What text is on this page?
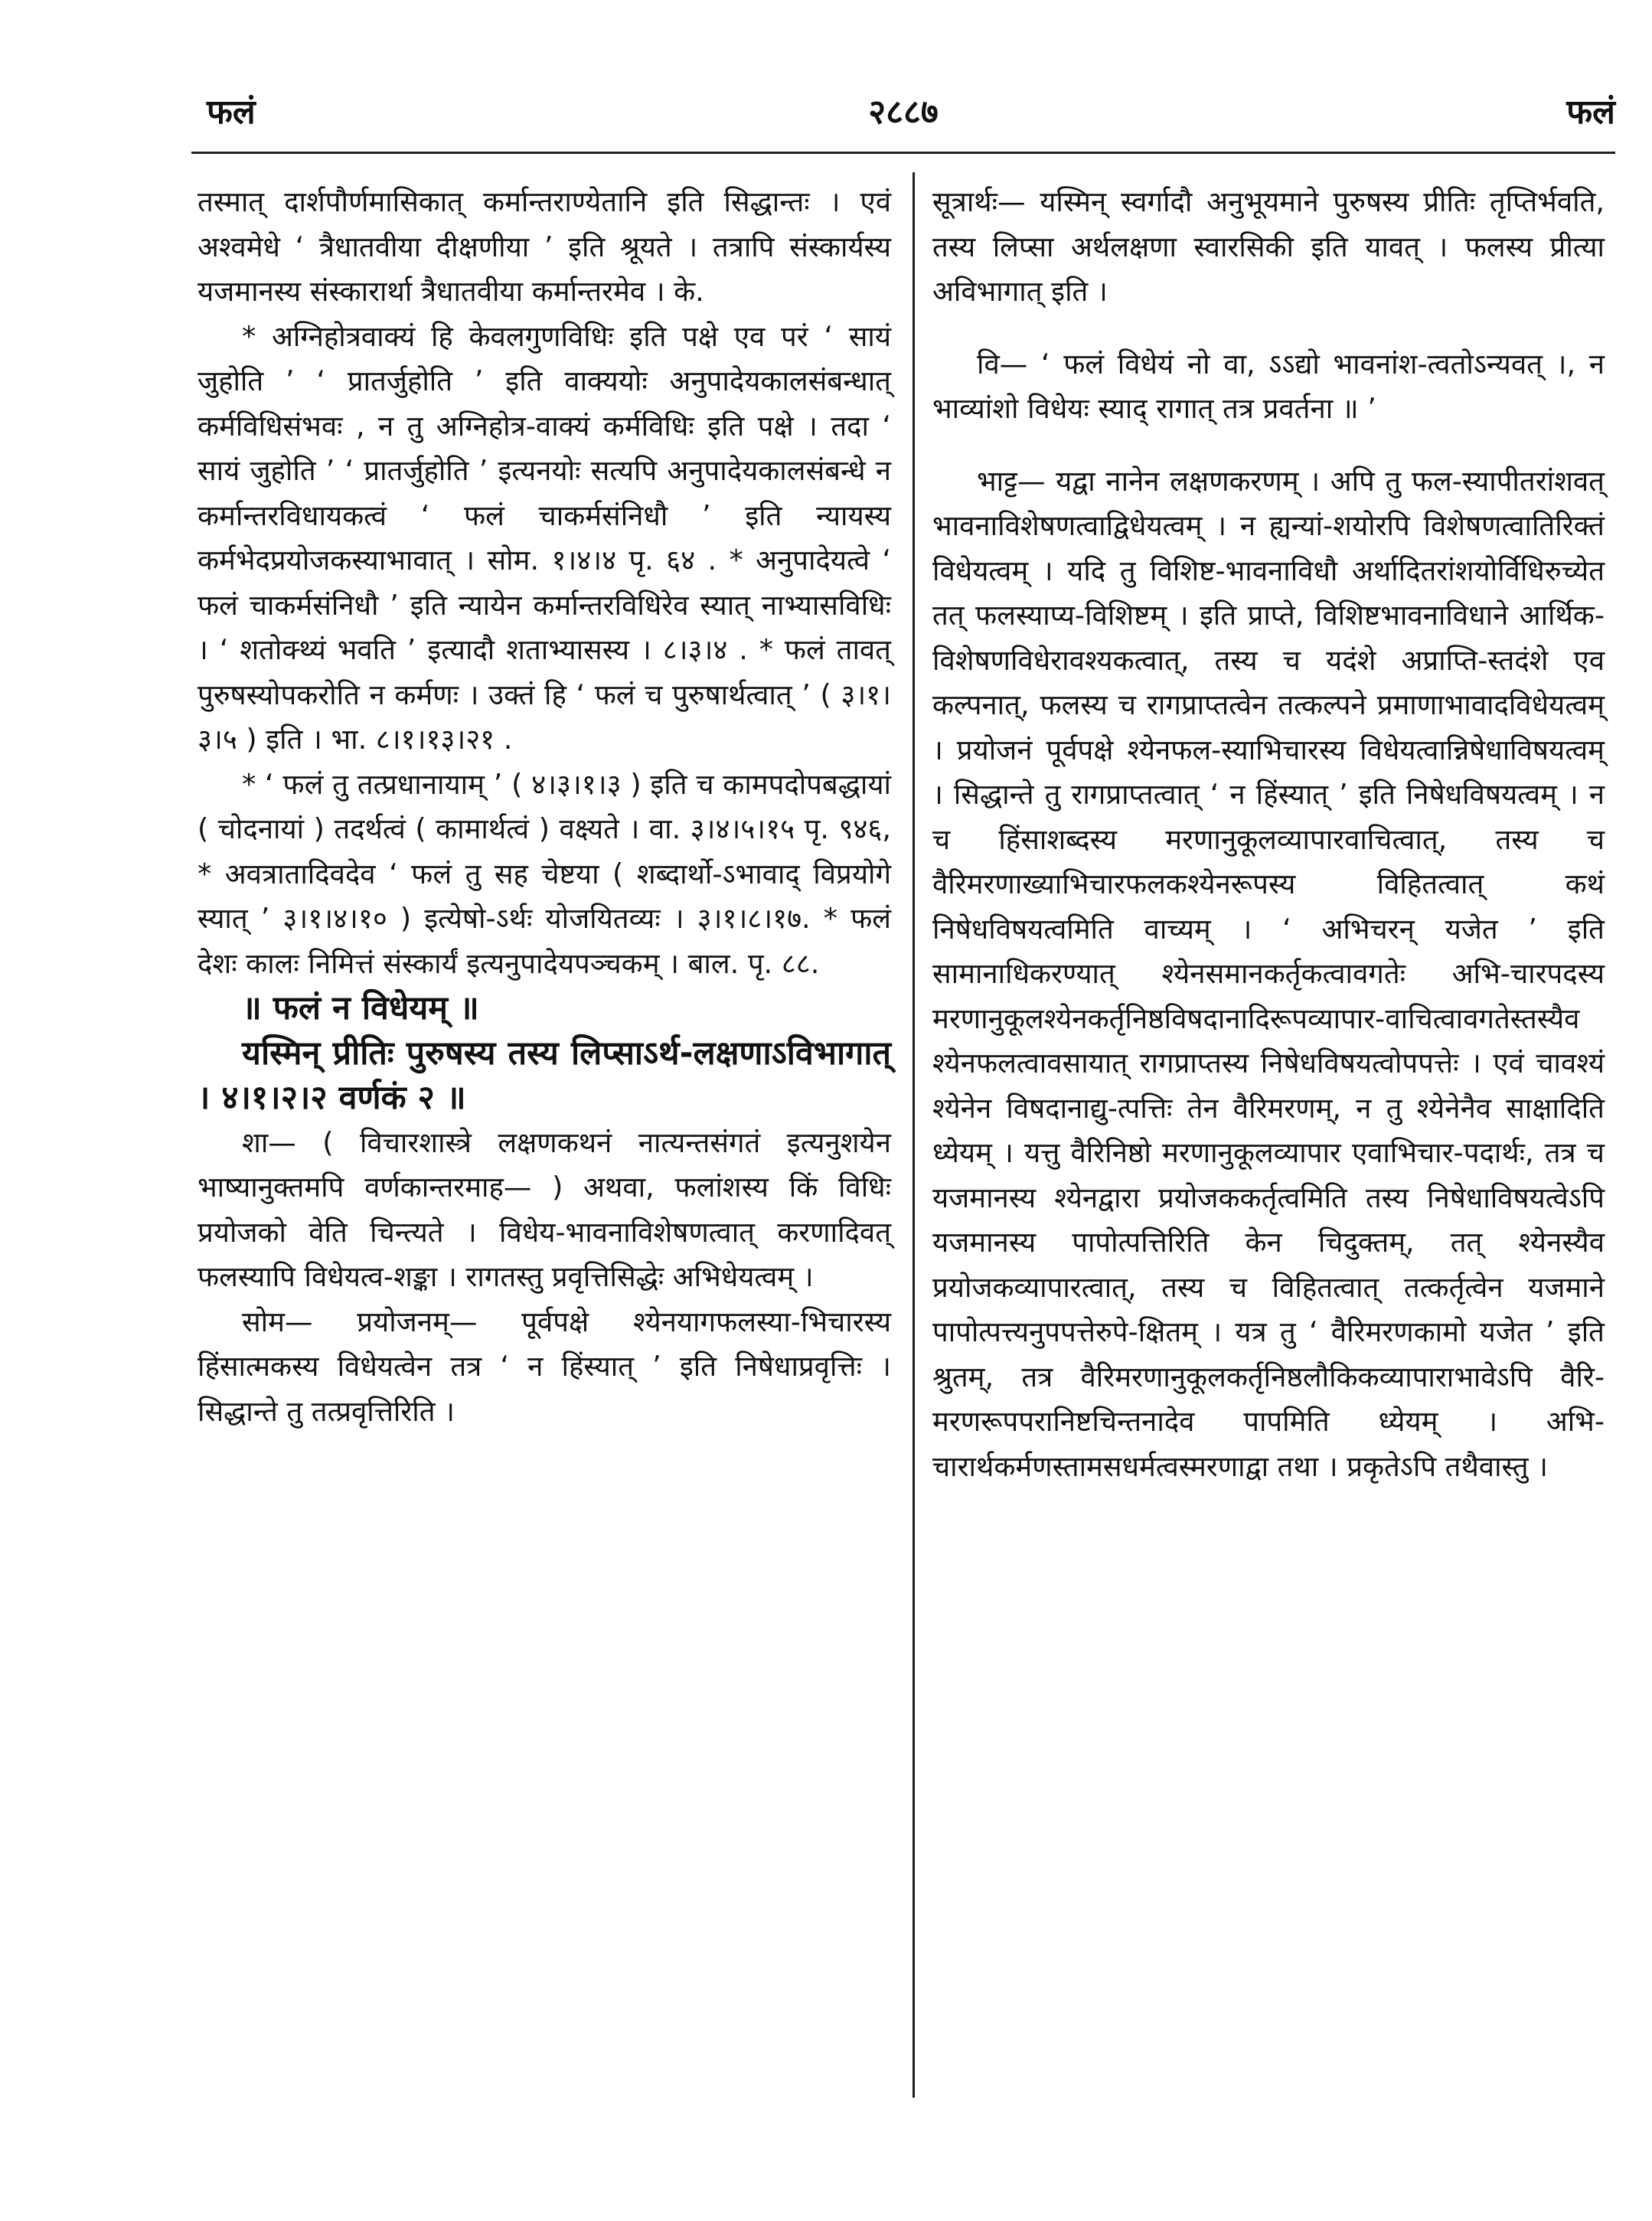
फलं	२८८७	फलं

तस्मात् दार्शपौर्णमासिकात् कर्मान्तराण्येतानि इति सिद्धान्तः । एवं अश्वमेधे ‘ त्रैधातवीया दीक्षणीया ’ इति श्रूयते । तत्रापि संस्कार्यस्य यजमानस्य संस्कारार्था त्रैधातवीया कर्मान्तरमेव । के.

* अग्निहोत्रवाक्यं हि केवलगुणविधिः इति पक्षे एव परं ‘ सायं जुहोति ’ ‘ प्रातर्जुहोति ’ इति वाक्ययोः अनुपादेयकालसंबन्धात् कर्मविधिसंभवः , न तु अग्निहोत्र-वाक्यं कर्मविधिः इति पक्षे । तदा ‘ सायं जुहोति ’ ‘ प्रातर्जुहोति ’ इत्यनयोः सत्यपि अनुपादेयकालसंबन्धे न कर्मान्तरविधायकत्वं ‘ फलं चाकर्मसंनिधौ ’ इति न्यायस्य कर्मभेदप्रयोजकस्याभावात् । सोम. १।४।४ पृ. ६४ . * अनुपादेयत्वे ‘ फलं चाकर्मसंनिधौ ’ इति न्यायेन कर्मान्तरविधिरेव स्यात् नाभ्यासविधिः । ‘ शतोक्थ्यं भवति ’ इत्यादौ शताभ्यासस्य । ८।३।४ . * फलं तावत् पुरुषस्योपकरोति न कर्मणः । उक्तं हि ‘ फलं च पुरुषार्थत्वात् ’ ( ३।१।३।५ ) इति । भा. ८।१।१३।२१ .

* ‘ फलं तु तत्प्रधानायाम् ’ ( ४।३।१।३ ) इति च कामपदोपबद्धायां ( चोदनायां ) तदर्थत्वं ( कामार्थत्वं ) वक्ष्यते । वा. ३।४।५।१५ पृ. ९४६, * अवत्रातादिवदेव ‘ फलं तु सह चेष्टया ( शब्दार्थो-ऽभावाद् विप्रयोगे स्यात् ’ ३।१।४।१० ) इत्येषो-ऽर्थः योजयितव्यः । ३।१।८।१७. * फलं देशः कालः निमित्तं संस्कार्यं इत्यनुपादेयपञ्चकम् । बाल. पृ. ८८.

॥ फलं न विधेयम् ॥

यस्मिन् प्रीतिः पुरुषस्य तस्य लिप्साऽर्थ-लक्षणाऽविभागात् । ४।१।२।२ वर्णकं २ ॥

शा— ( विचारशास्त्रे लक्षणकथनं नात्यन्तसंगतं इत्यनुशयेन भाष्यानुक्तमपि वर्णकान्तरमाह— ) अथवा, फलांशस्य किं विधिः प्रयोजको वेति चिन्त्यते । विधेय-भावनाविशेषणत्वात् करणादिवत् फलस्यापि विधेयत्व-शङ्का । रागतस्तु प्रवृत्तिसिद्धेः अभिधेयत्वम् ।

सोम— प्रयोजनम्— पूर्वपक्षे श्येनयागफलस्या-भिचारस्य हिंसात्मकस्य विधेयत्वेन तत्र ‘ न हिंस्यात् ’ इति निषेधाप्रवृत्तिः । सिद्धान्ते तु तत्प्रवृत्तिरिति ।

सूत्रार्थः— यस्मिन् स्वर्गादौ अनुभूयमाने पुरुषस्य प्रीतिः तृप्तिर्भवति, तस्य लिप्सा अर्थलक्षणा स्वारसिकी इति यावत् । फलस्य प्रीत्या अविभागात् इति ।

वि— ‘ फलं विधेयं नो वा, ऽऽद्यो भावनांश-त्वतोऽन्यवत् ।, न भाव्यांशो विधेयः स्याद् रागात् तत्र प्रवर्तना ॥ ’

भाट्ट— यद्वा नानेन लक्षणकरणम् । अपि तु फल-स्यापीतरांशवत् भावनाविशेषणत्वाद्विधेयत्वम् । न ह्यन्यां-शयोरपि विशेषणत्वातिरिक्तं विधेयत्वम् । यदि तु विशिष्ट-भावनाविधौ अर्थादितरांशयोर्विधिरुच्येत तत् फलस्याप्य-विशिष्टम् । इति प्राप्ते, विशिष्टभावनाविधाने आर्थिक-विशेषणविधेरावश्यकत्वात्, तस्य च यदंशे अप्राप्ति-स्तदंशे एव कल्पनात्, फलस्य च रागप्राप्तत्वेन तत्कल्पने प्रमाणाभावादविधेयत्वम् । प्रयोजनं पूर्वपक्षे श्येनफल-स्याभिचारस्य विधेयत्वान्निषेधाविषयत्वम् । सिद्धान्ते तु रागप्राप्तत्वात् ‘ न हिंस्यात् ’ इति निषेधविषयत्वम् । न च हिंसाशब्दस्य मरणानुकूलव्यापारवाचित्वात्, तस्य च वैरिमरणाख्याभिचारफलकश्येनरूपस्य विहितत्वात् कथं निषेधविषयत्वमिति वाच्यम् । ‘ अभिचरन् यजेत ’ इति सामानाधिकरण्यात् श्येनसमानकर्तृकत्वावगतेः अभि-चारपदस्य मरणानुकूलश्येनकर्तृनिष्ठविषदानादिरूपव्यापार-वाचित्वावगतेस्तस्यैव श्येनफलत्वावसायात् रागप्राप्तस्य निषेधविषयत्वोपपत्तेः । एवं चावश्यं श्येनेन विषदानाद्यु-त्पत्तिः तेन वैरिमरणम्, न तु श्येनेनैव साक्षादिति ध्येयम् । यत्तु वैरिनिष्ठो मरणानुकूलव्यापार एवाभिचार-पदार्थः, तत्र च यजमानस्य श्येनद्वारा प्रयोजककर्तृत्वमिति तस्य निषेधाविषयत्वेऽपि यजमानस्य पापोत्पत्तिरिति केन चिदुक्तम्, तत् श्येनस्यैव प्रयोजकव्यापारत्वात्, तस्य च विहितत्वात् तत्कर्तृत्वेन यजमाने पापोत्पत्त्यनुपपत्तेरुपे-क्षितम् । यत्र तु ‘ वैरिमरणकामो यजेत ’ इति श्रुतम्, तत्र वैरिमरणानुकूलकर्तृनिष्ठलौकिकव्यापाराभावेऽपि वैरि-मरणरूपपरानिष्टचिन्तनादेव पापमिति ध्येयम् । अभि-चारार्थकर्मणस्तामसधर्मत्वस्मरणाद्वा तथा । प्रकृतेऽपि तथैवास्तु ।
